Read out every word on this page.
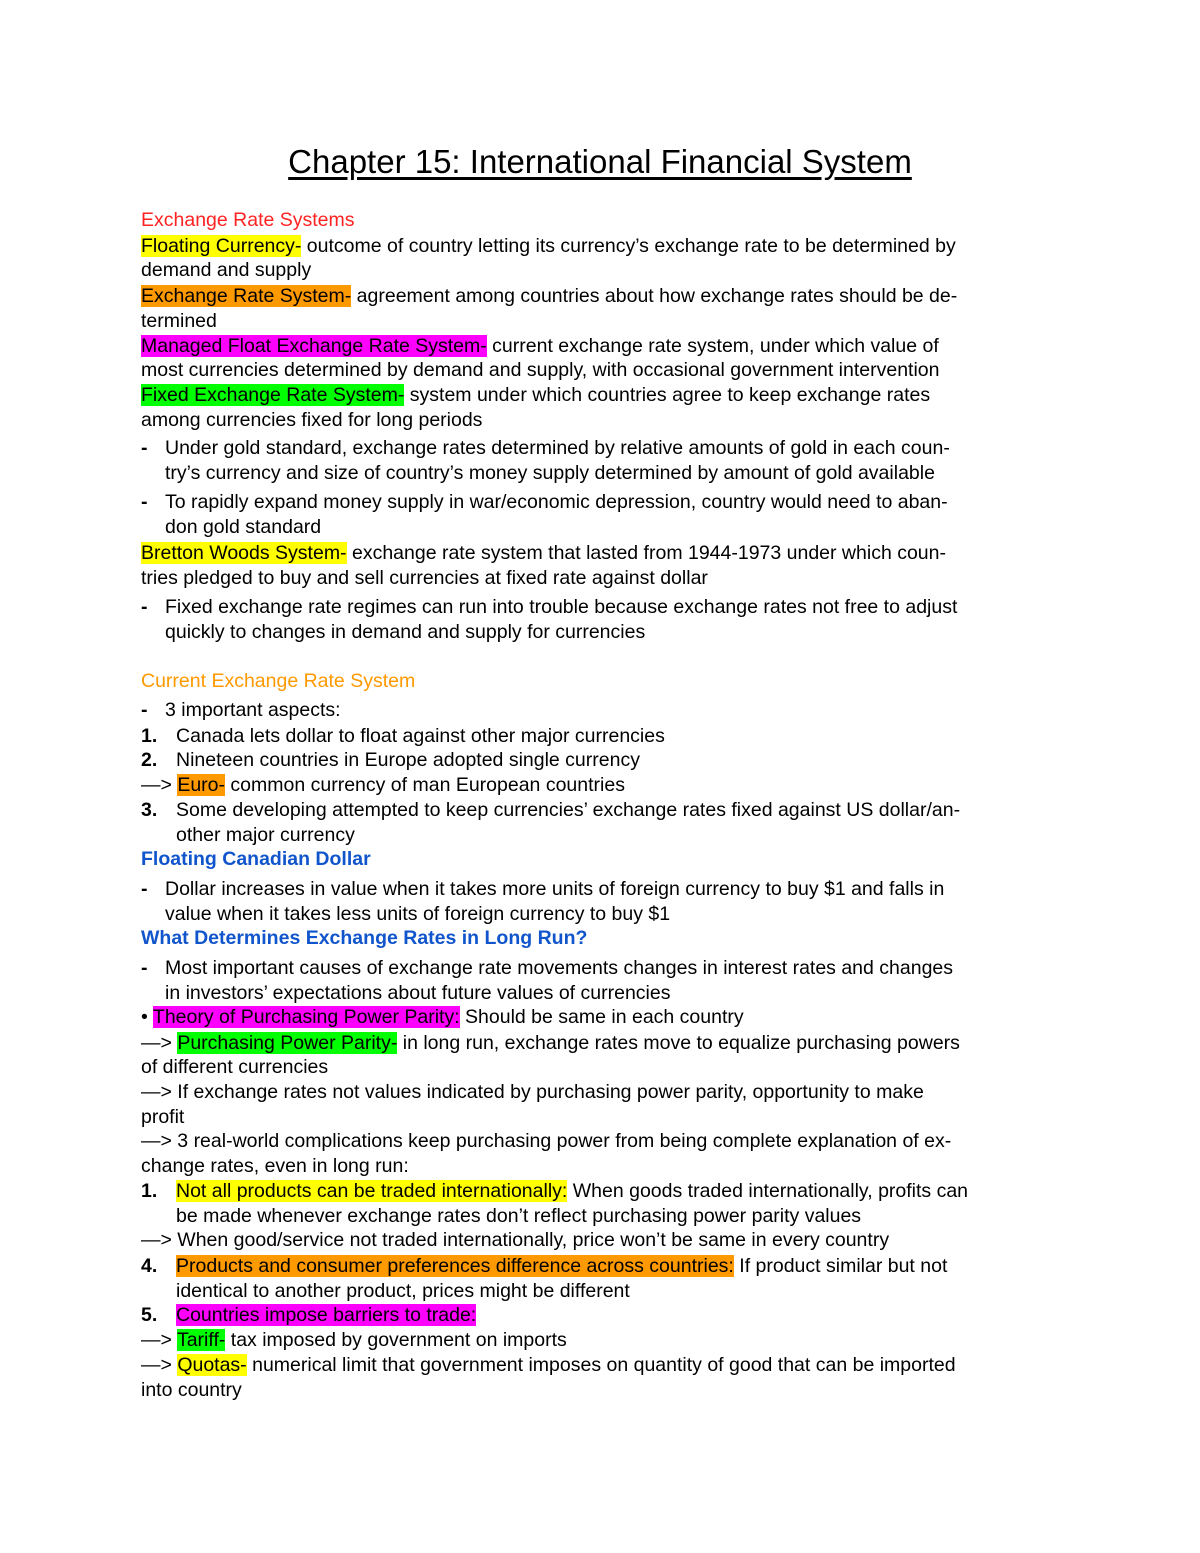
Chapter 15: International Financial System
Exchange Rate Systems
Floating Currency- outcome of country letting its currency’s exchange rate to be determined by
demand and supply
Exchange Rate System- agreement among countries about how exchange rates should be de-
termined
Managed Float Exchange Rate System- current exchange rate system, under which value of
most currencies determined by demand and supply, with occasional government intervention
Fixed Exchange Rate System- system under which countries agree to keep exchange rates
among currencies fixed for long periods
- Under gold standard, exchange rates determined by relative amounts of gold in each coun-
try’s currency and size of country’s money supply determined by amount of gold available
- To rapidly expand money supply in war/economic depression, country would need to aban-
don gold standard
Bretton Woods System- exchange rate system that lasted from 1944-1973 under which coun-
tries pledged to buy and sell currencies at fixed rate against dollar
- Fixed exchange rate regimes can run into trouble because exchange rates not free to adjust
quickly to changes in demand and supply for currencies
Current Exchange Rate System
- 3 important aspects:
1. Canada lets dollar to float against other major currencies
2. Nineteen countries in Europe adopted single currency
—> Euro- common currency of man European countries
3. Some developing attempted to keep currencies’ exchange rates fixed against US dollar/an-
other major currency
Floating Canadian Dollar
- Dollar increases in value when it takes more units of foreign currency to buy $1 and falls in
value when it takes less units of foreign currency to buy $1
What Determines Exchange Rates in Long Run?
- Most important causes of exchange rate movements changes in interest rates and changes
in investors’ expectations about future values of currencies
• Theory of Purchasing Power Parity: Should be same in each country
—> Purchasing Power Parity- in long run, exchange rates move to equalize purchasing powers
of different currencies
—> If exchange rates not values indicated by purchasing power parity, opportunity to make
profit
—> 3 real-world complications keep purchasing power from being complete explanation of ex-
change rates, even in long run:
1. Not all products can be traded internationally: When goods traded internationally, profits can
be made whenever exchange rates don’t reflect purchasing power parity values
—> When good/service not traded internationally, price won’t be same in every country
4. Products and consumer preferences difference across countries: If product similar but not
identical to another product, prices might be different
5. Countries impose barriers to trade:
—> Tariff- tax imposed by government on imports
—> Quotas- numerical limit that government imposes on quantity of good that can be imported
into country
